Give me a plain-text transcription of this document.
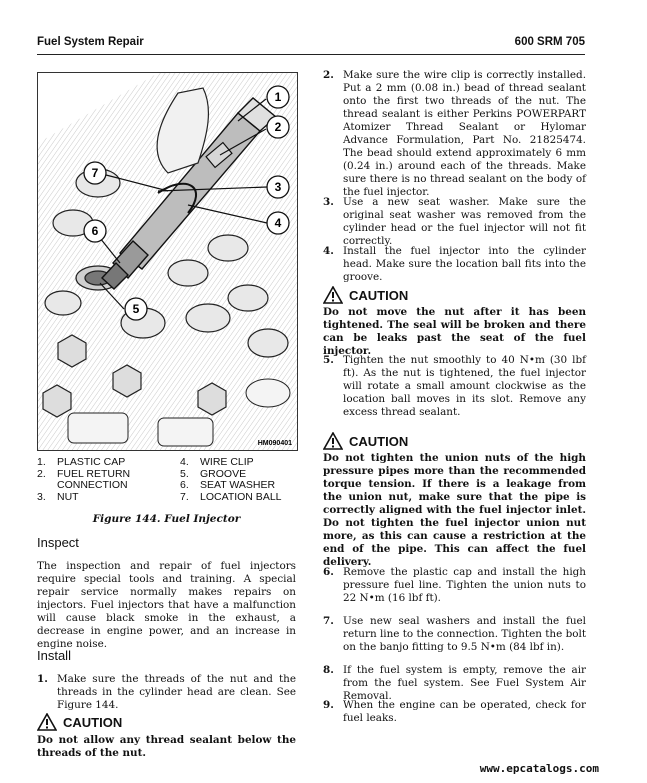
Fuel System Repair	600 SRM 705
1
2
3
4
5
6
7
HM090401
1.	PLASTIC CAP
2.	FUEL RETURN
CONNECTION
3.	NUT
4.	WIRE CLIP
5.	GROOVE
6.	SEAT WASHER
7.	LOCATION BALL
Figure 144. Fuel Injector
Inspect
The inspection and repair of fuel injectors require special tools and training. A special repair service normally makes repairs on injectors. Fuel injectors that have a malfunction will cause black smoke in the exhaust, a decrease in engine power, and an increase in engine noise.
Install
1. Make sure the threads of the nut and the threads in the cylinder head are clean. See Figure 144.
CAUTION
Do not allow any thread sealant below the threads of the nut.
2. Make sure the wire clip is correctly installed. Put a 2 mm (0.08 in.) bead of thread sealant onto the first two threads of the nut. The thread sealant is either Perkins POWERPART Atomizer Thread Sealant or Hylomar Advance Formulation, Part No. 21825474. The bead should extend approximately 6 mm (0.24 in.) around each of the threads. Make sure there is no thread sealant on the body of the fuel injector.
3. Use a new seat washer. Make sure the original seat washer was removed from the cylinder head or the fuel injector will not fit correctly.
4. Install the fuel injector into the cylinder head. Make sure the location ball fits into the groove.
CAUTION
Do not move the nut after it has been tightened. The seal will be broken and there can be leaks past the seat of the fuel injector.
5. Tighten the nut smoothly to 40 N•m (30 lbf ft). As the nut is tightened, the fuel injector will rotate a small amount clockwise as the location ball moves in its slot. Remove any excess thread sealant.
CAUTION
Do not tighten the union nuts of the high pressure pipes more than the recommended torque tension. If there is a leakage from the union nut, make sure that the pipe is correctly aligned with the fuel injector inlet. Do not tighten the fuel injector union nut more, as this can cause a restriction at the end of the pipe. This can affect the fuel delivery.
6. Remove the plastic cap and install the high pressure fuel line. Tighten the union nuts to 22 N•m (16 lbf ft).
7. Use new seal washers and install the fuel return line to the connection. Tighten the bolt on the banjo fitting to 9.5 N•m (84 lbf in).
8. If the fuel system is empty, remove the air from the fuel system. See Fuel System Air Removal.
9. When the engine can be operated, check for fuel leaks.
www.epcatalogs.com
